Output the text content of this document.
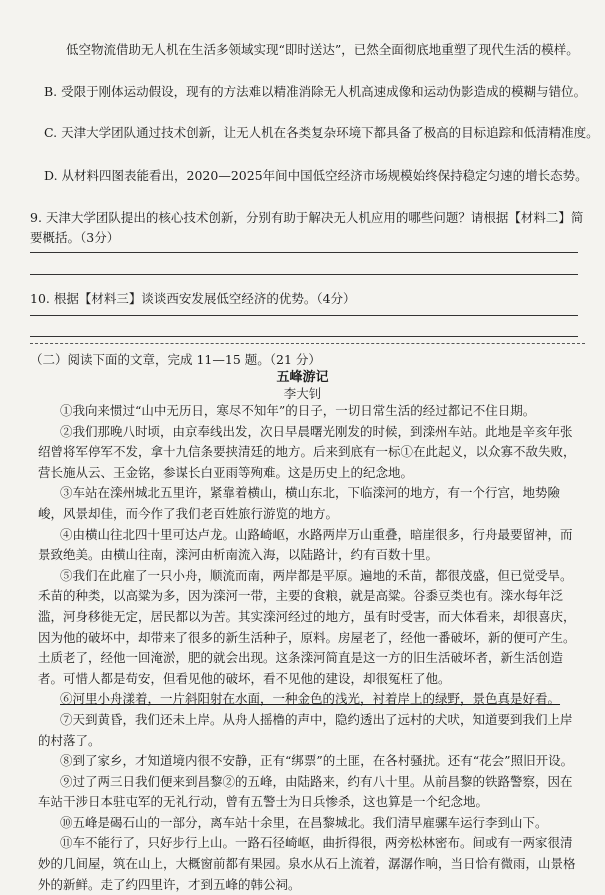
低空物流借助无人机在生活多领域实现“即时送达”，已然全面彻底地重塑了现代生活的模样。
B. 受限于刚体运动假设，现有的方法难以精准消除无人机高速成像和运动伪影造成的模糊与错位。
C. 天津大学团队通过技术创新，让无人机在各类复杂环境下都具备了极高的目标追踪和低清精准度。
D. 从材料四图表能看出，2020—2025年间中国低空经济市场规模始终保持稳定匀速的增长态势。
9. 天津大学团队提出的核心技术创新，分别有助于解决无人机应用的哪些问题？请根据【材料二】简要概括。（3分）
10. 根据【材料三】谈谈西安发展低空经济的优势。（4分）
（二）阅读下面的文章，完成 11—15 题。（21 分）
五峰游记
李大钊

①我向来惯过“山中无历日，寒尽不知年”的日子，一切日常生活的经过都记不住日期。

②我们那晚八时顷，由京奉线出发，次日早晨曙光刚发的时候，到滦州车站。此地是辛亥年张绍曾将军停军不发，拿十九信条要挟清廷的地方。后来到底有一标①在此起义，以众寡不敌失败，营长施从云、王金铭，参谋长白亚雨等殉难。这是历史上的纪念地。

③车站在滦州城北五里许，紧靠着横山，横山东北，下临滦河的地方，有一个行宫，地势險峻，风景却佳，而今作了我们老百姓旅行游览的地方。

④由横山往北四十里可达卢龙。山路崎岖，水路两岸万山重叠，暗崖很多，行舟最要留神，而景致绝美。由横山往南，滦河由析南流入海，以陆路计，约有百数十里。

⑤我们在此雇了一只小舟，顺流而南，两岸都是平原。遍地的禾苗，都很茂盛，但已觉受旱。禾苗的种类，以高粱为多，因为滦河一带，主要的食粮，就是高粱。谷黍豆类也有。滦水每年泛滥，河身移徙无定，居民都以为苦。其实滦河经过的地方，虽有时受害，而大体看来，却很喜庆，因为他的破坏中，却带来了很多的新生活种子，原料。房屋老了，经他一番破坏，新的便可产生。土质老了，经他一回淹淤，肥的就会出现。这条滦河简直是这一方的旧生活破坏者，新生活创造者。可惜人都是苟安，但看见他的破坏，看不见他的建设，却很冤枉了他。

⑥河里小舟漾着，一片斜阳射在水面，一种金色的浅光，衬着岸上的绿野，景色真是好看。

⑦天到黄昏，我们还未上岸。从舟人摇橹的声中，隐约透出了远村的犬吠，知道要到我们上岸的村落了。

⑧到了家乡，才知道境内很不安静，正有“绑票”的土匪，在各村骚扰。还有“花会”照旧开设。

⑨过了两三日我们便来到昌黎②的五峰，由陆路来，约有八十里。从前昌黎的铁路警察，因在车站干涉日本驻屯军的无礼行动，曾有五警士为日兵惨杀，这也算是一个纪念地。

⑩五峰是碣石山的一部分，离车站十余里，在昌黎城北。我们清早雇骡车运行李到山下。

⑪车不能行了，只好步行上山。一路石径崎岖，曲折得很，两旁松林密布。间或有一两家很清妙的几间屋，筑在山上，大概窗前都有果园。泉水从石上流着，潺潺作响，当日恰有微雨，山景格外的新鲜。走了约四里许，才到五峰的韩公祠。
